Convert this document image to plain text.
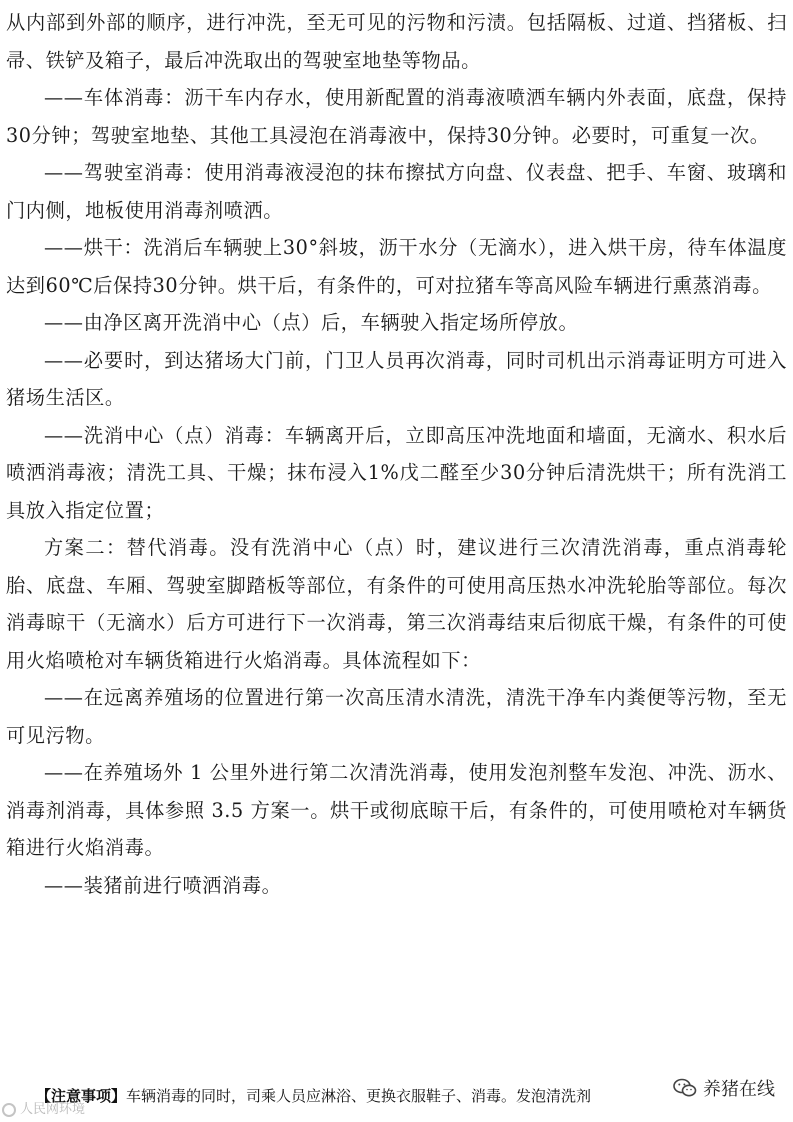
从内部到外部的顺序，进行冲洗，至无可见的污物和污渍。包括隔板、过道、挡猪板、扫帚、铁铲及箱子，最后冲洗取出的驾驶室地垫等物品。

——车体消毒：沥干车内存水，使用新配置的消毒液喷洒车辆内外表面，底盘，保持30分钟；驾驶室地垫、其他工具浸泡在消毒液中，保持30分钟。必要时，可重复一次。

——驾驶室消毒：使用消毒液浸泡的抹布擦拭方向盘、仪表盘、把手、车窗、玻璃和门内侧，地板使用消毒剂喷洒。

——烘干：洗消后车辆驶上30°斜坡，沥干水分（无滴水），进入烘干房，待车体温度达到60℃后保持30分钟。烘干后，有条件的，可对拉猪车等高风险车辆进行熏蒸消毒。

——由净区离开洗消中心（点）后，车辆驶入指定场所停放。

——必要时，到达猪场大门前，门卫人员再次消毒，同时司机出示消毒证明方可进入猪场生活区。

——洗消中心（点）消毒：车辆离开后，立即高压冲洗地面和墙面，无滴水、积水后喷洒消毒液；清洗工具、干燥；抹布浸入1%戊二醛至少30分钟后清洗烘干；所有洗消工具放入指定位置；

方案二：替代消毒。没有洗消中心（点）时，建议进行三次清洗消毒，重点消毒轮胎、底盘、车厢、驾驶室脚踏板等部位，有条件的可使用高压热水冲洗轮胎等部位。每次消毒晾干（无滴水）后方可进行下一次消毒，第三次消毒结束后彻底干燥，有条件的可使用火焰喷枪对车辆货箱进行火焰消毒。具体流程如下：

——在远离养殖场的位置进行第一次高压清水清洗，清洗干净车内粪便等污物，至无可见污物。

——在养殖场外 1 公里外进行第二次清洗消毒，使用发泡剂整车发泡、冲洗、沥水、消毒剂消毒，具体参照 3.5 方案一。烘干或彻底晾干后，有条件的，可使用喷枪对车辆货箱进行火焰消毒。

——装猪前进行喷洒消毒。

【注意事项】车辆消毒的同时，司乘人员应淋浴、更换衣服鞋子、消毒。发泡清洗剂
人民网环境
养猪在线
